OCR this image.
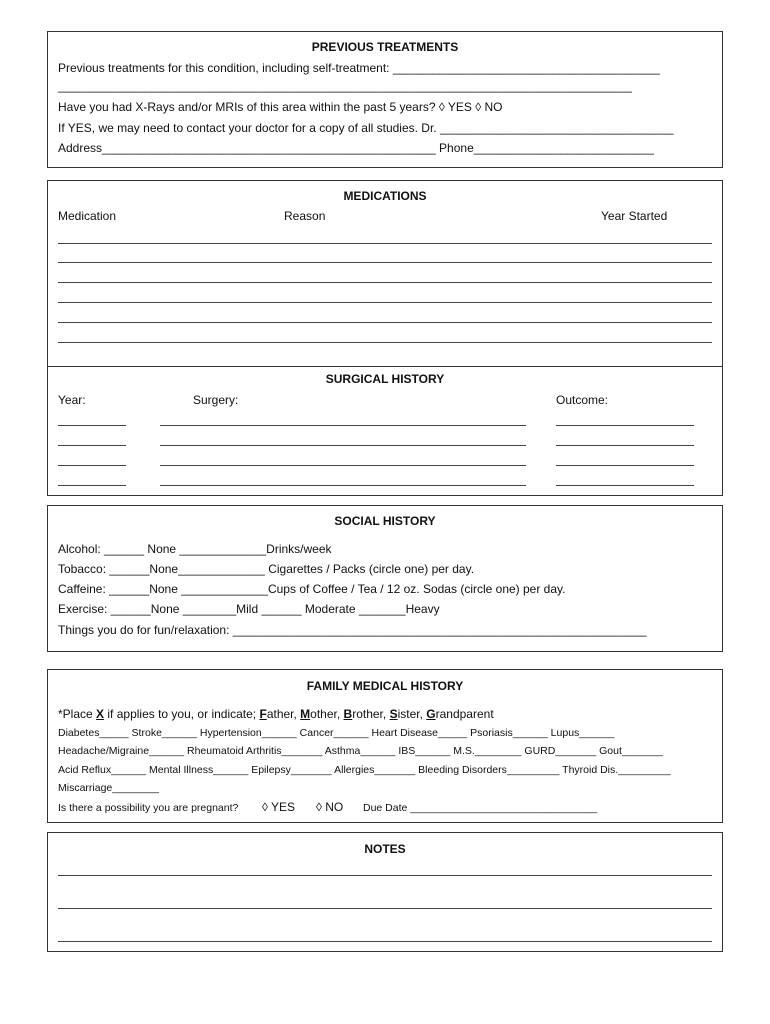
PREVIOUS TREATMENTS
Previous treatments for this condition, including self-treatment: ________________________________________
______________________________________________________________________________________
Have you had X-Rays and/or MRIs of this area within the past 5 years? ◊ YES ◊ NO
If YES, we may need to contact your doctor for a copy of all studies. Dr. ___________________________________
Address__________________________________________________ Phone___________________________
MEDICATIONS
Medication	Reason	Year Started
SURGICAL HISTORY
Year:	Surgery:	Outcome:
SOCIAL HISTORY
Alcohol: ______ None _____________Drinks/week
Tobacco: ______None_____________ Cigarettes / Packs (circle one) per day.
Caffeine: ______None _____________Cups of Coffee / Tea / 12 oz. Sodas (circle one) per day.
Exercise: ______None ________Mild ______ Moderate _______Heavy
Things you do for fun/relaxation: ______________________________________________________________
FAMILY MEDICAL HISTORY
*Place X if applies to you, or indicate; Father, Mother, Brother, Sister, Grandparent
Diabetes_____ Stroke______ Hypertension______ Cancer______ Heart Disease_____ Psoriasis______ Lupus______
Headache/Migraine______ Rheumatoid Arthritis_______ Asthma______ IBS______ M.S.________ GURD_______ Gout_______
Acid Reflux______ Mental Illness______ Epilepsy_______ Allergies_______ Bleeding Disorders_________ Thyroid Dis._________
Miscarriage________
Is there a possibility you are pregnant? ◊ YES ◊ NO Due Date ________________________________
NOTES
